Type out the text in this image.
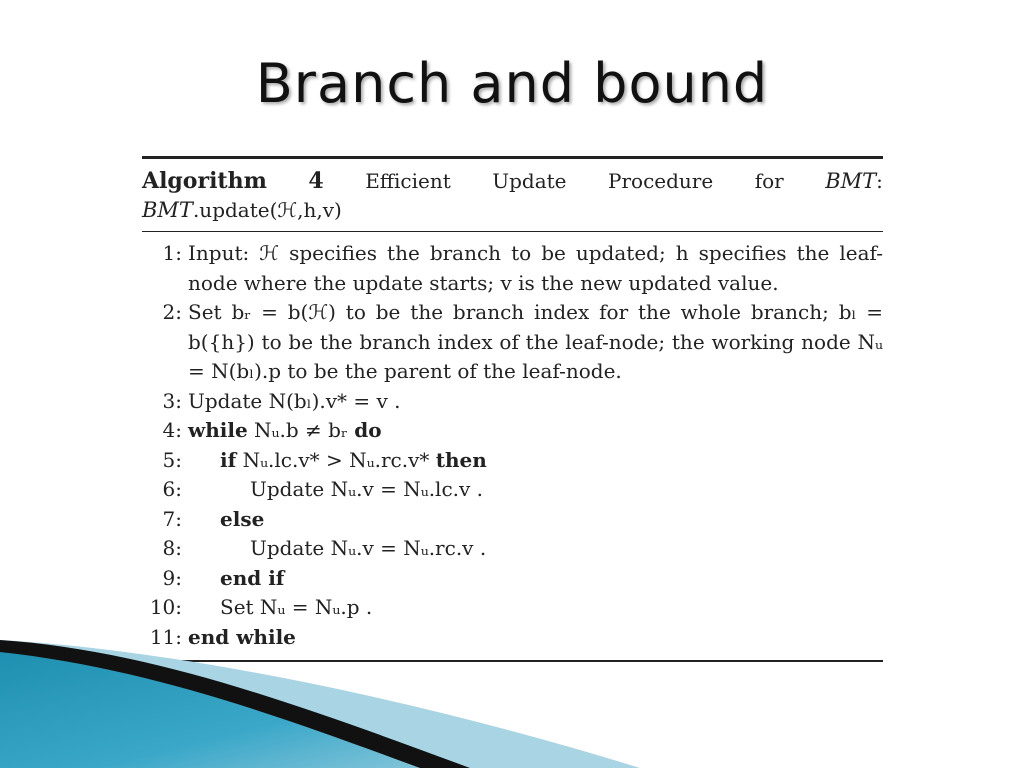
Branch and bound
Algorithm 4 Efficient Update Procedure for BMT:
BMT.update(ℋ,h,v)
1: Input: ℋ specifies the branch to be updated; h specifies the leaf-node where the update starts; v is the new updated value.
2: Set bᵣ = b(ℋ) to be the branch index for the whole branch; bₗ = b({h}) to be the branch index of the leaf-node; the working node Nᵤ = N(bₗ).p to be the parent of the leaf-node.
3: Update N(bₗ).v* = v .
4: while Nᵤ.b ≠ bᵣ do
5:	if Nᵤ.lc.v* > Nᵤ.rc.v* then
6:	Update Nᵤ.v = Nᵤ.lc.v .
7:	else
8:	Update Nᵤ.v = Nᵤ.rc.v .
9:	end if
10:	Set Nᵤ = Nᵤ.p .
11: end while
